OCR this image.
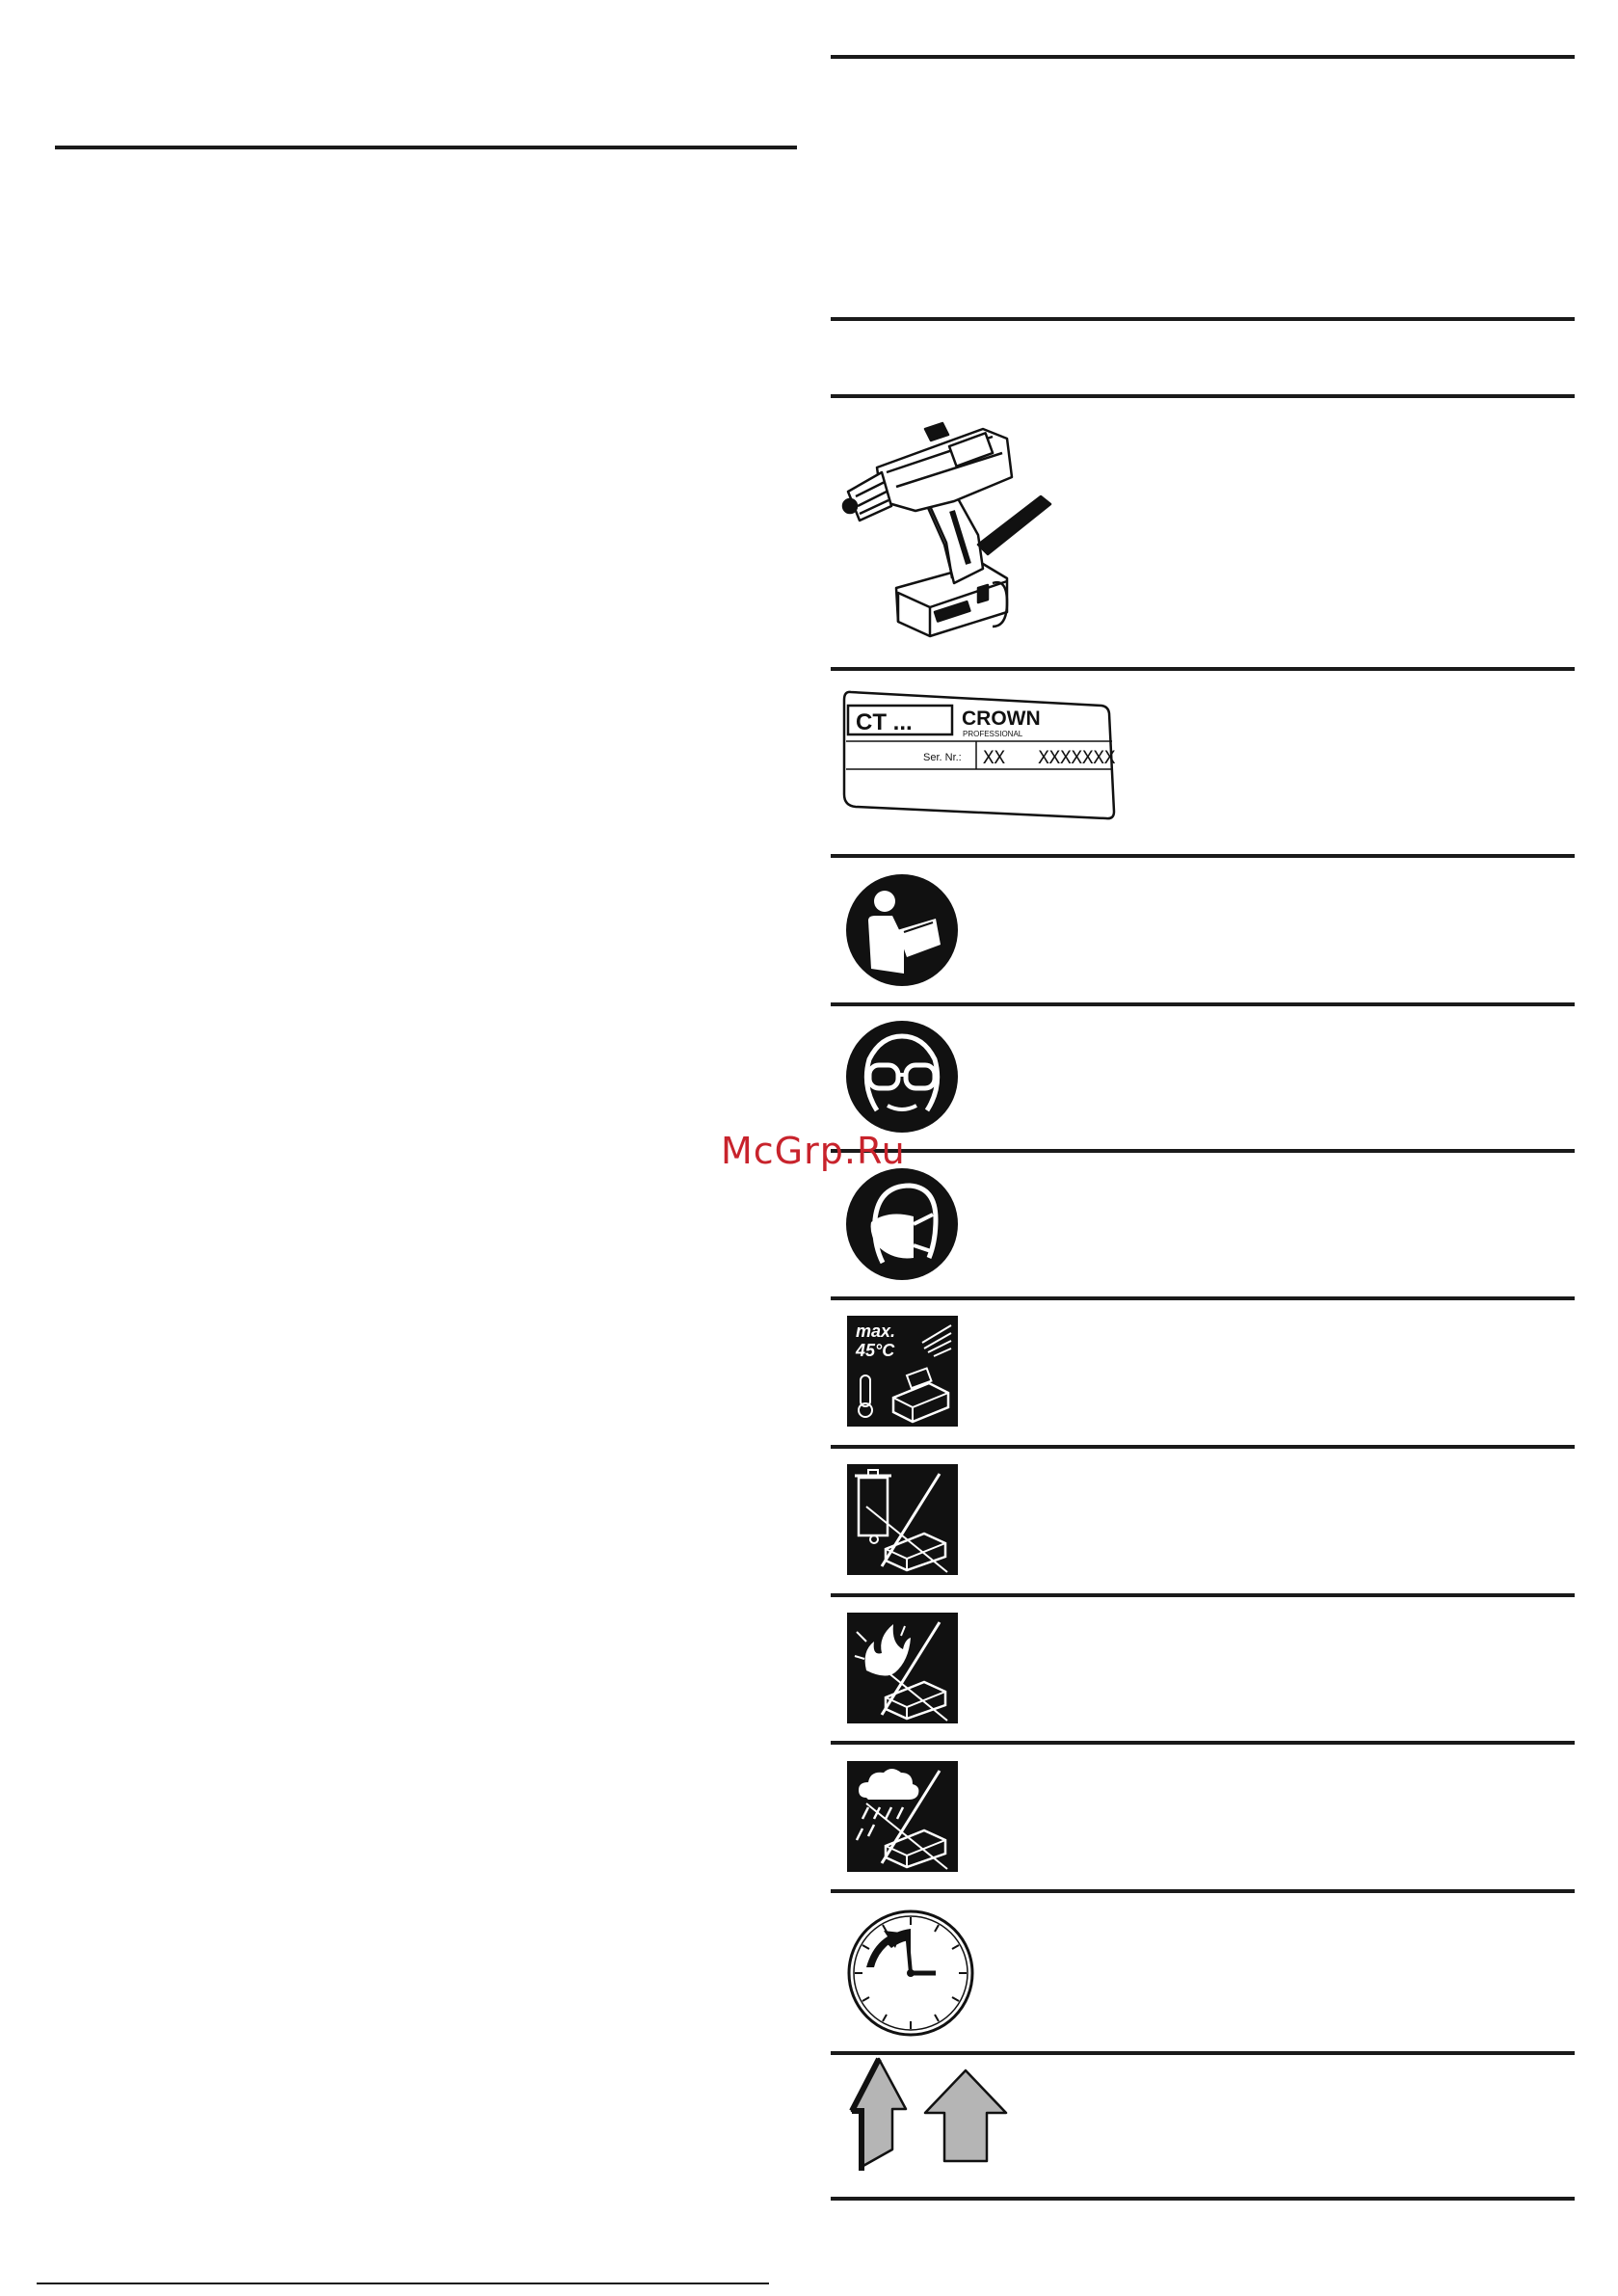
CT ... CROWN
PROFESSIONAL
Ser. Nr.: XX   XXXXXXX
max.
45°C
McGrp.Ru
